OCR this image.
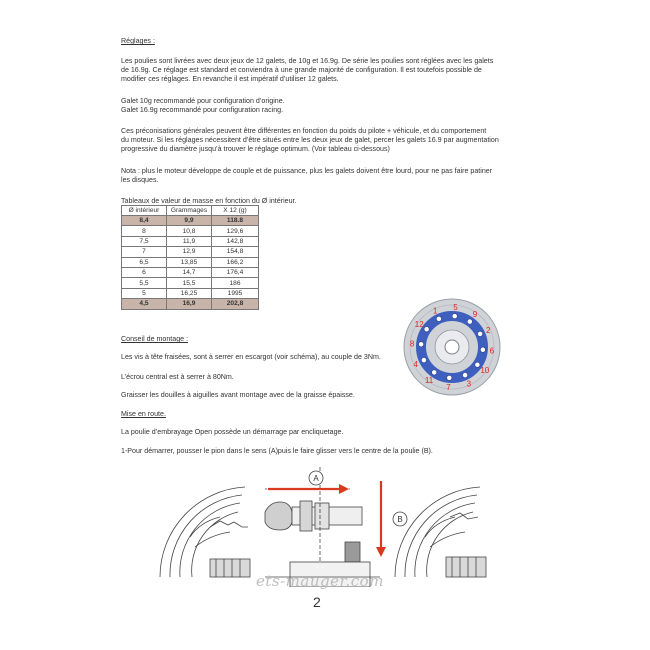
Réglages :
Les poulies sont livrées avec deux jeux de 12 galets, de 10g et 16.9g. De série les poulies sont réglées avec les galets
de 16.9g. Ce réglage est standard et conviendra à une grande majorité de configuration. Il est toutefois possible de
modifier ces réglages. En revanche il est impératif d’utiliser 12 galets.
Galet 10g recommandé pour configuration d’origine.
Galet 16.9g recommandé pour configuration racing.
Ces préconisations générales peuvent être différentes en fonction du poids du pilote + véhicule, et du comportement
du moteur. Si les réglages nécessitent d’être situés entre les deux jeux de galet, percer les galets 16.9 par augmentation
progressive du diamètre jusqu’à trouver le réglage optimum. (Voir tableau ci-dessous)
Nota : plus le moteur développe de couple et de puissance, plus les galets doivent être lourd, pour ne pas faire patiner
les disques.
Tableaux de valeur de masse en fonction du Ø intérieur.
Ø intérieur	Grammages	X 12 (g)
8,4	9,9	118.8
8	10,8	129,6
7,5	11,9	142,8
7	12,9	154,8
6,5	13,85	166,2
6	14,7	176,4
5,5	15,5	186
5	16,25	1995
4,5	16,9	202,8
1 5
9
2
6
10
3
7
11
4
8
12
Conseil de montage :
Les vis à tête fraisées, sont à serrer en escargot (voir schéma), au couple de 3Nm.
L’écrou central est à serrer à 80Nm.
Graisser les douilles à aiguilles avant montage avec de la graisse épaisse.
Mise en route.
La poulie d’embrayage Open possède un démarrage par encliquetage.
1-Pour démarrer, pousser le pion dans le sens (A)puis le faire glisser vers le centre de la poulie (B).
A
B
ets-mauger.com
2
